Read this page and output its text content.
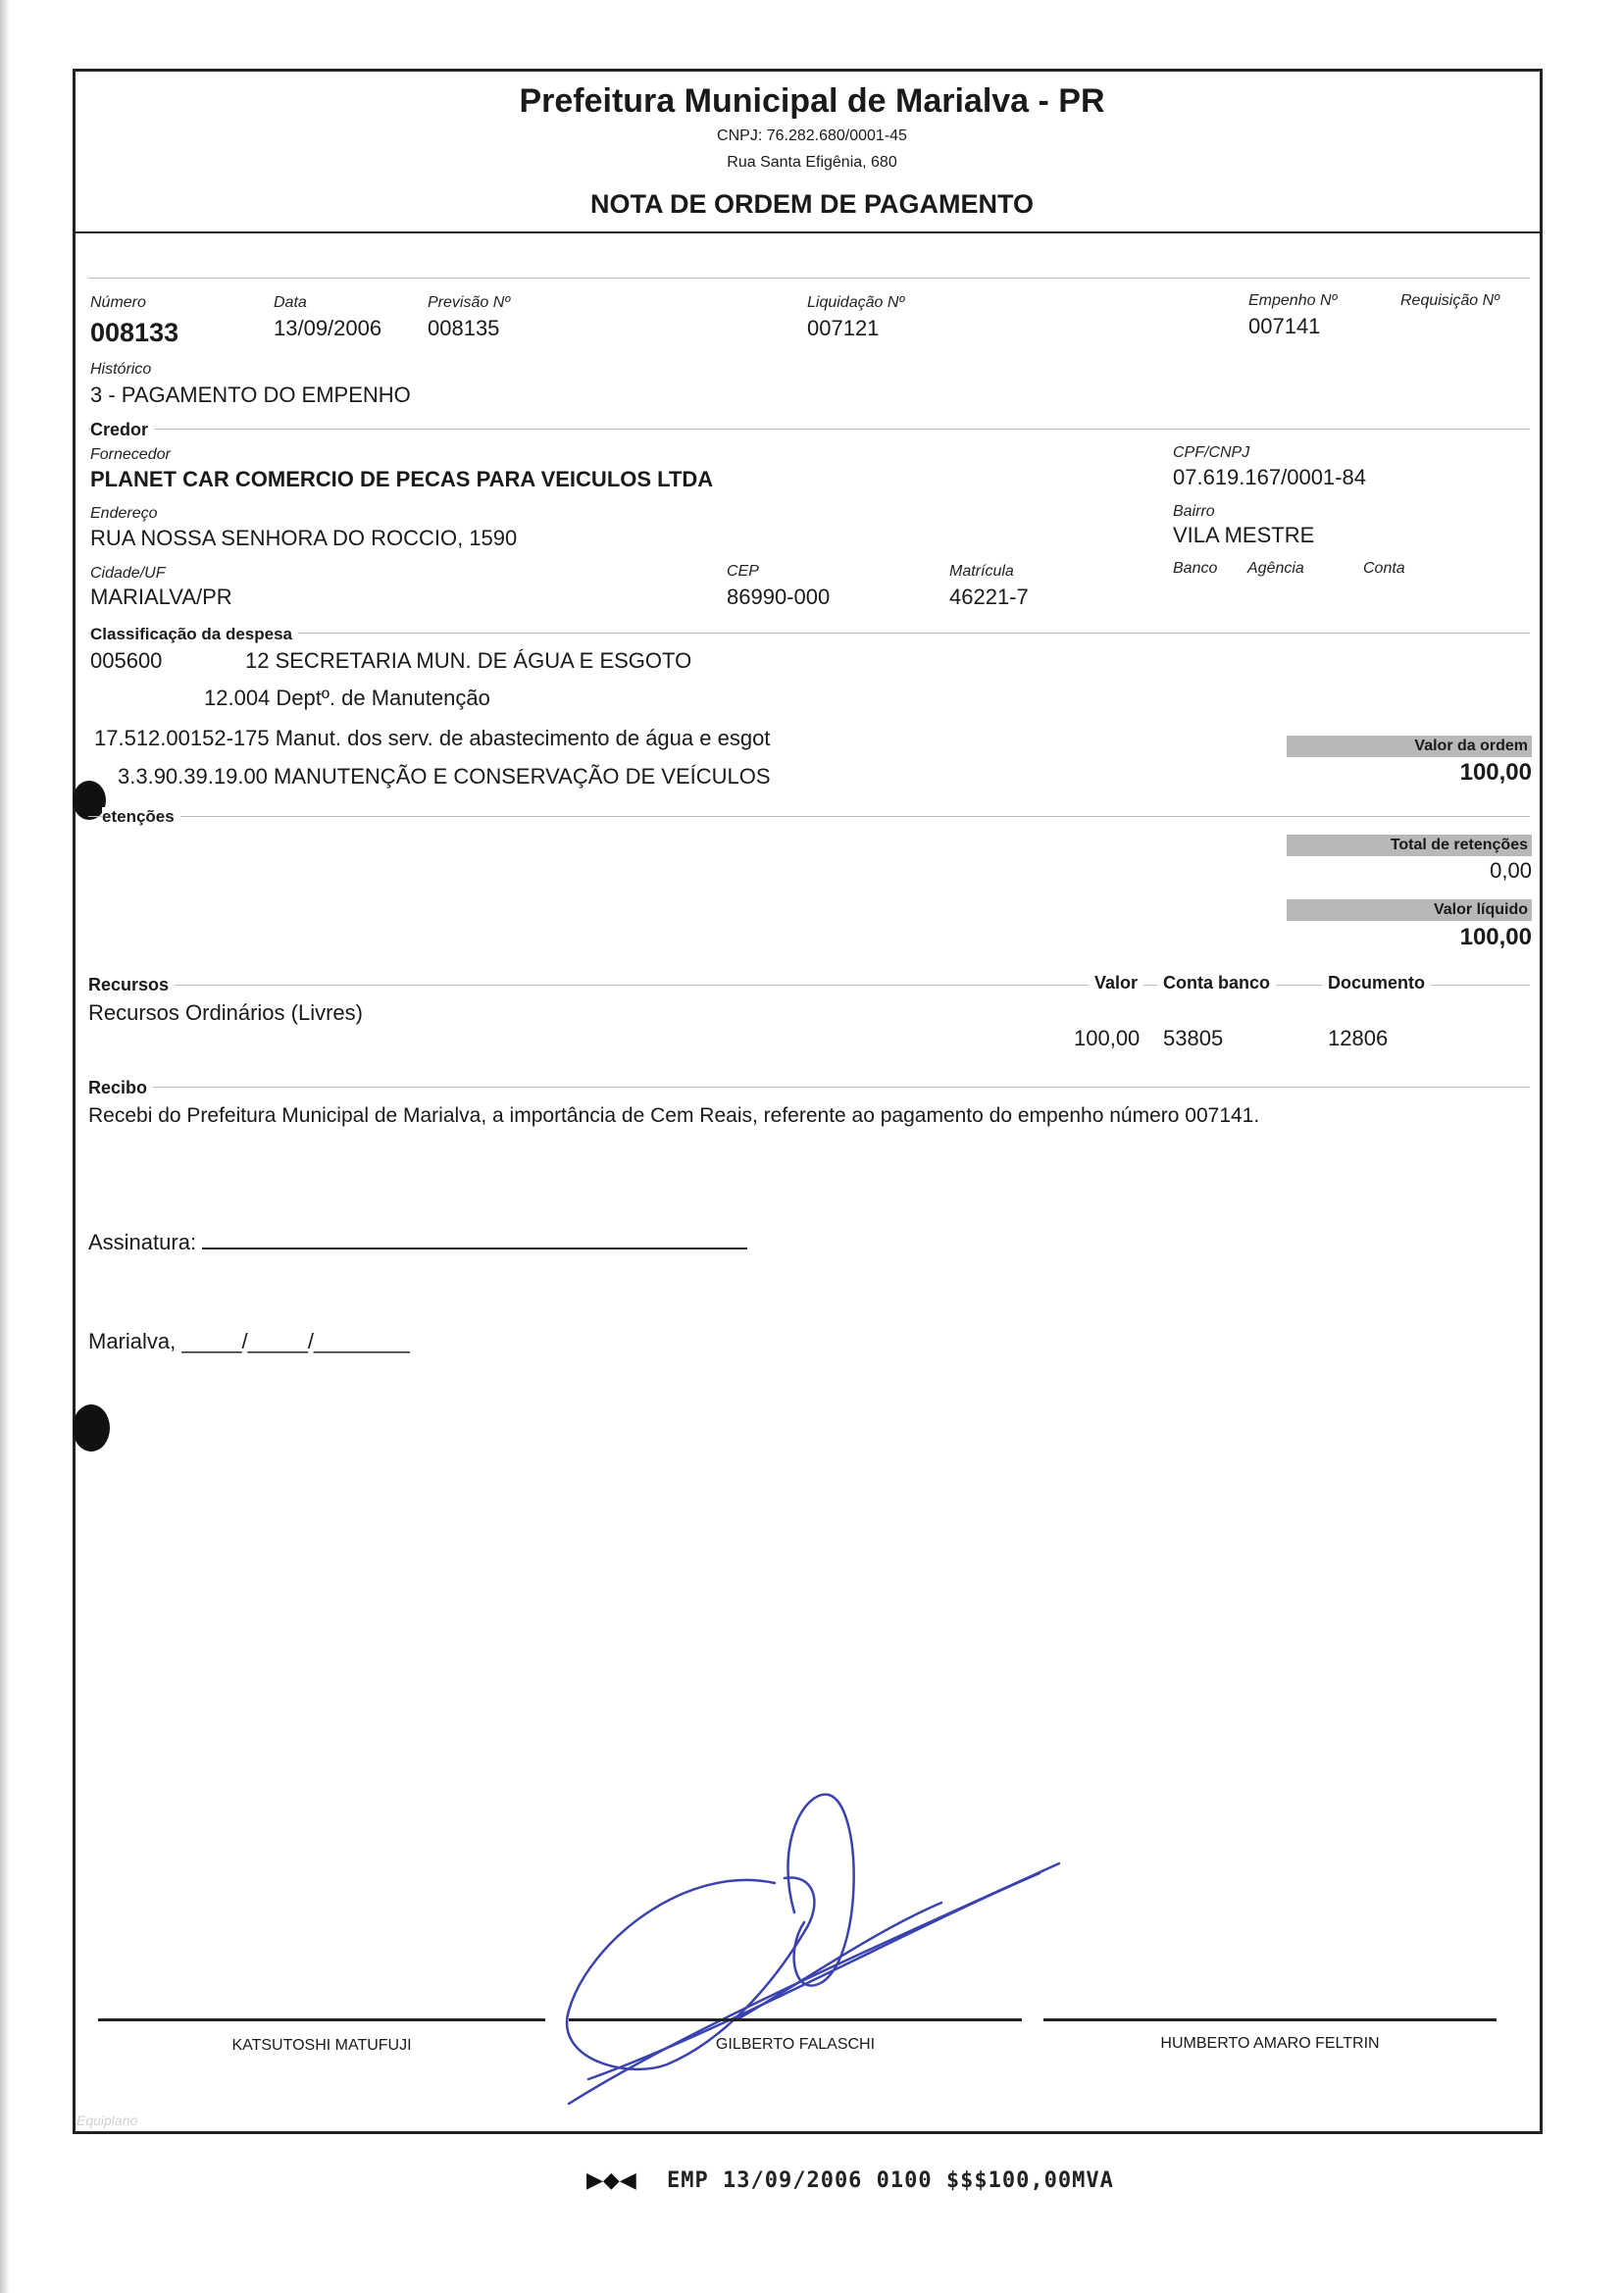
Prefeitura Municipal de Marialva - PR
CNPJ: 76.282.680/0001-45
Rua Santa Efigênia, 680
NOTA DE ORDEM DE PAGAMENTO
Número
008133
Data
13/09/2006
Previsão Nº
008135
Liquidação Nº
007121
Empenho Nº
007141
Requisição Nº
Histórico
3 - PAGAMENTO DO EMPENHO
Credor
Fornecedor
PLANET CAR COMERCIO DE PECAS PARA VEICULOS LTDA
CPF/CNPJ
07.619.167/0001-84
Endereço
RUA NOSSA SENHORA DO ROCCIO, 1590
Bairro
VILA MESTRE
Cidade/UF
MARIALVA/PR
CEP
86990-000
Matrícula
46221-7
Banco Agência	Conta
Classificação da despesa
005600	12 SECRETARIA MUN. DE ÁGUA E ESGOTO
12.004 Deptº. de Manutenção
17.512.00152-175 Manut. dos serv. de abastecimento de água e esgot
3.3.90.39.19.00 MANUTENÇÃO E CONSERVAÇÃO DE VEÍCULOS
Valor da ordem
100,00
etenções
Total de retenções
0,00
Valor líquido
100,00
Recursos	Valor	Conta banco	Documento
Recursos Ordinários (Livres)
100,00 53805	12806
Recibo
Recebi do Prefeitura Municipal de Marialva, a importância de Cem Reais, referente ao pagamento do empenho número 007141.
Assinatura:
Marialva, _____/_____/________
KATSUTOSHI MATUFUJI	GILBERTO FALASCHI	HUMBERTO AMARO FELTRIN
Equiplano
▶◆◀ EMP 13/09/2006 0100 $$$100,00MVA
